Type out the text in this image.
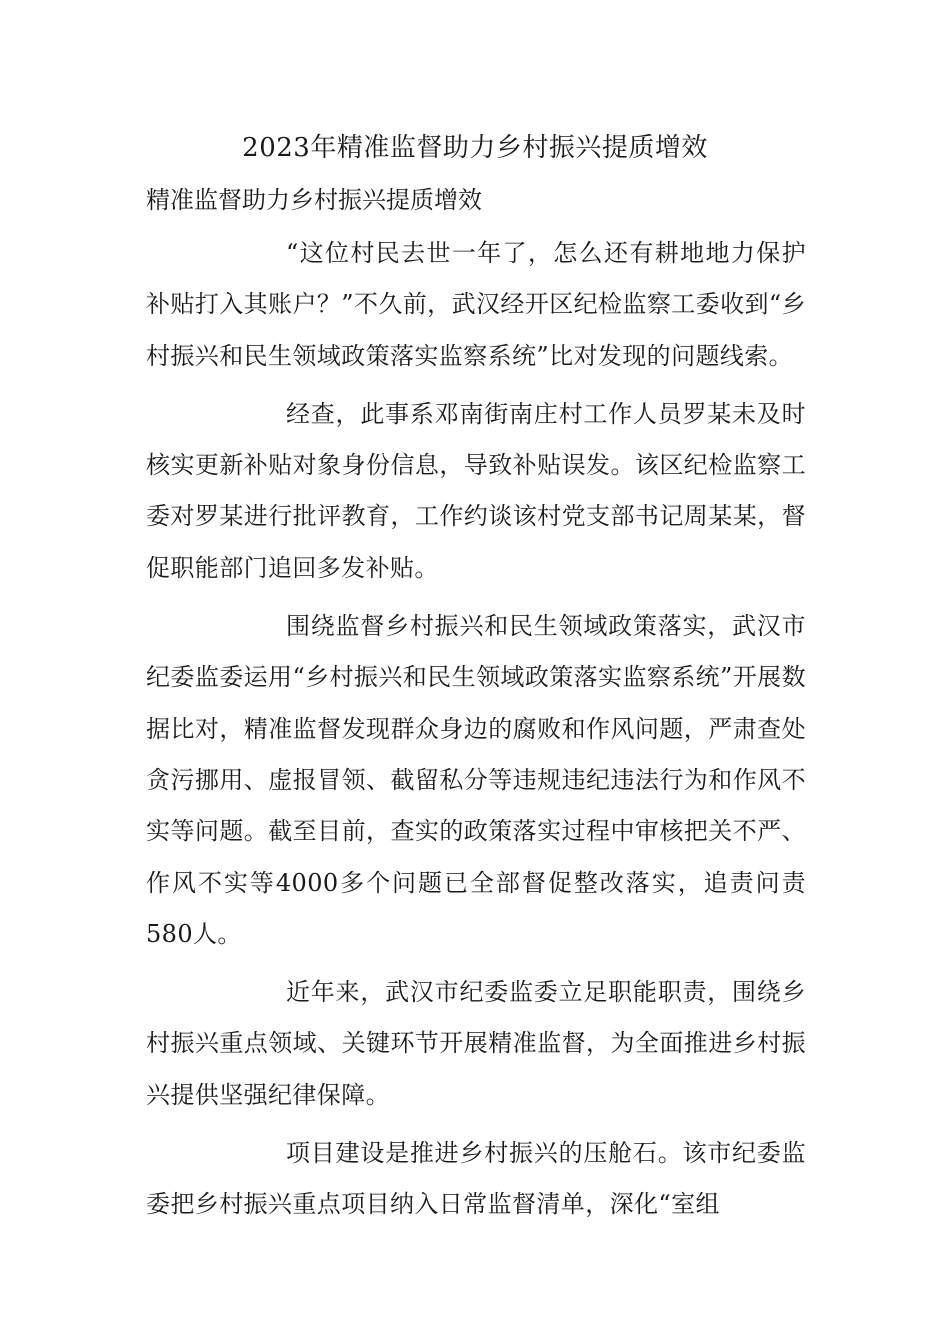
2023年精准监督助力乡村振兴提质增效
精准监督助力乡村振兴提质增效

“这位村民去世一年了，怎么还有耕地地力保护补贴打入其账户？”不久前，武汉经开区纪检监察工委收到“乡村振兴和民生领域政策落实监察系统”比对发现的问题线索。

经查，此事系邓南街南庄村工作人员罗某未及时核实更新补贴对象身份信息，导致补贴误发。该区纪检监察工委对罗某进行批评教育，工作约谈该村党支部书记周某某，督促职能部门追回多发补贴。

围绕监督乡村振兴和民生领域政策落实，武汉市纪委监委运用“乡村振兴和民生领域政策落实监察系统”开展数据比对，精准监督发现群众身边的腐败和作风问题，严肃查处贪污挪用、虚报冒领、截留私分等违规违纪违法行为和作风不实等问题。截至目前，查实的政策落实过程中审核把关不严、作风不实等4000多个问题已全部督促整改落实，追责问责580人。

近年来，武汉市纪委监委立足职能职责，围绕乡村振兴重点领域、关键环节开展精准监督，为全面推进乡村振兴提供坚强纪律保障。

项目建设是推进乡村振兴的压舱石。该市纪委监委把乡村振兴重点项目纳入日常监督清单，深化“室组
